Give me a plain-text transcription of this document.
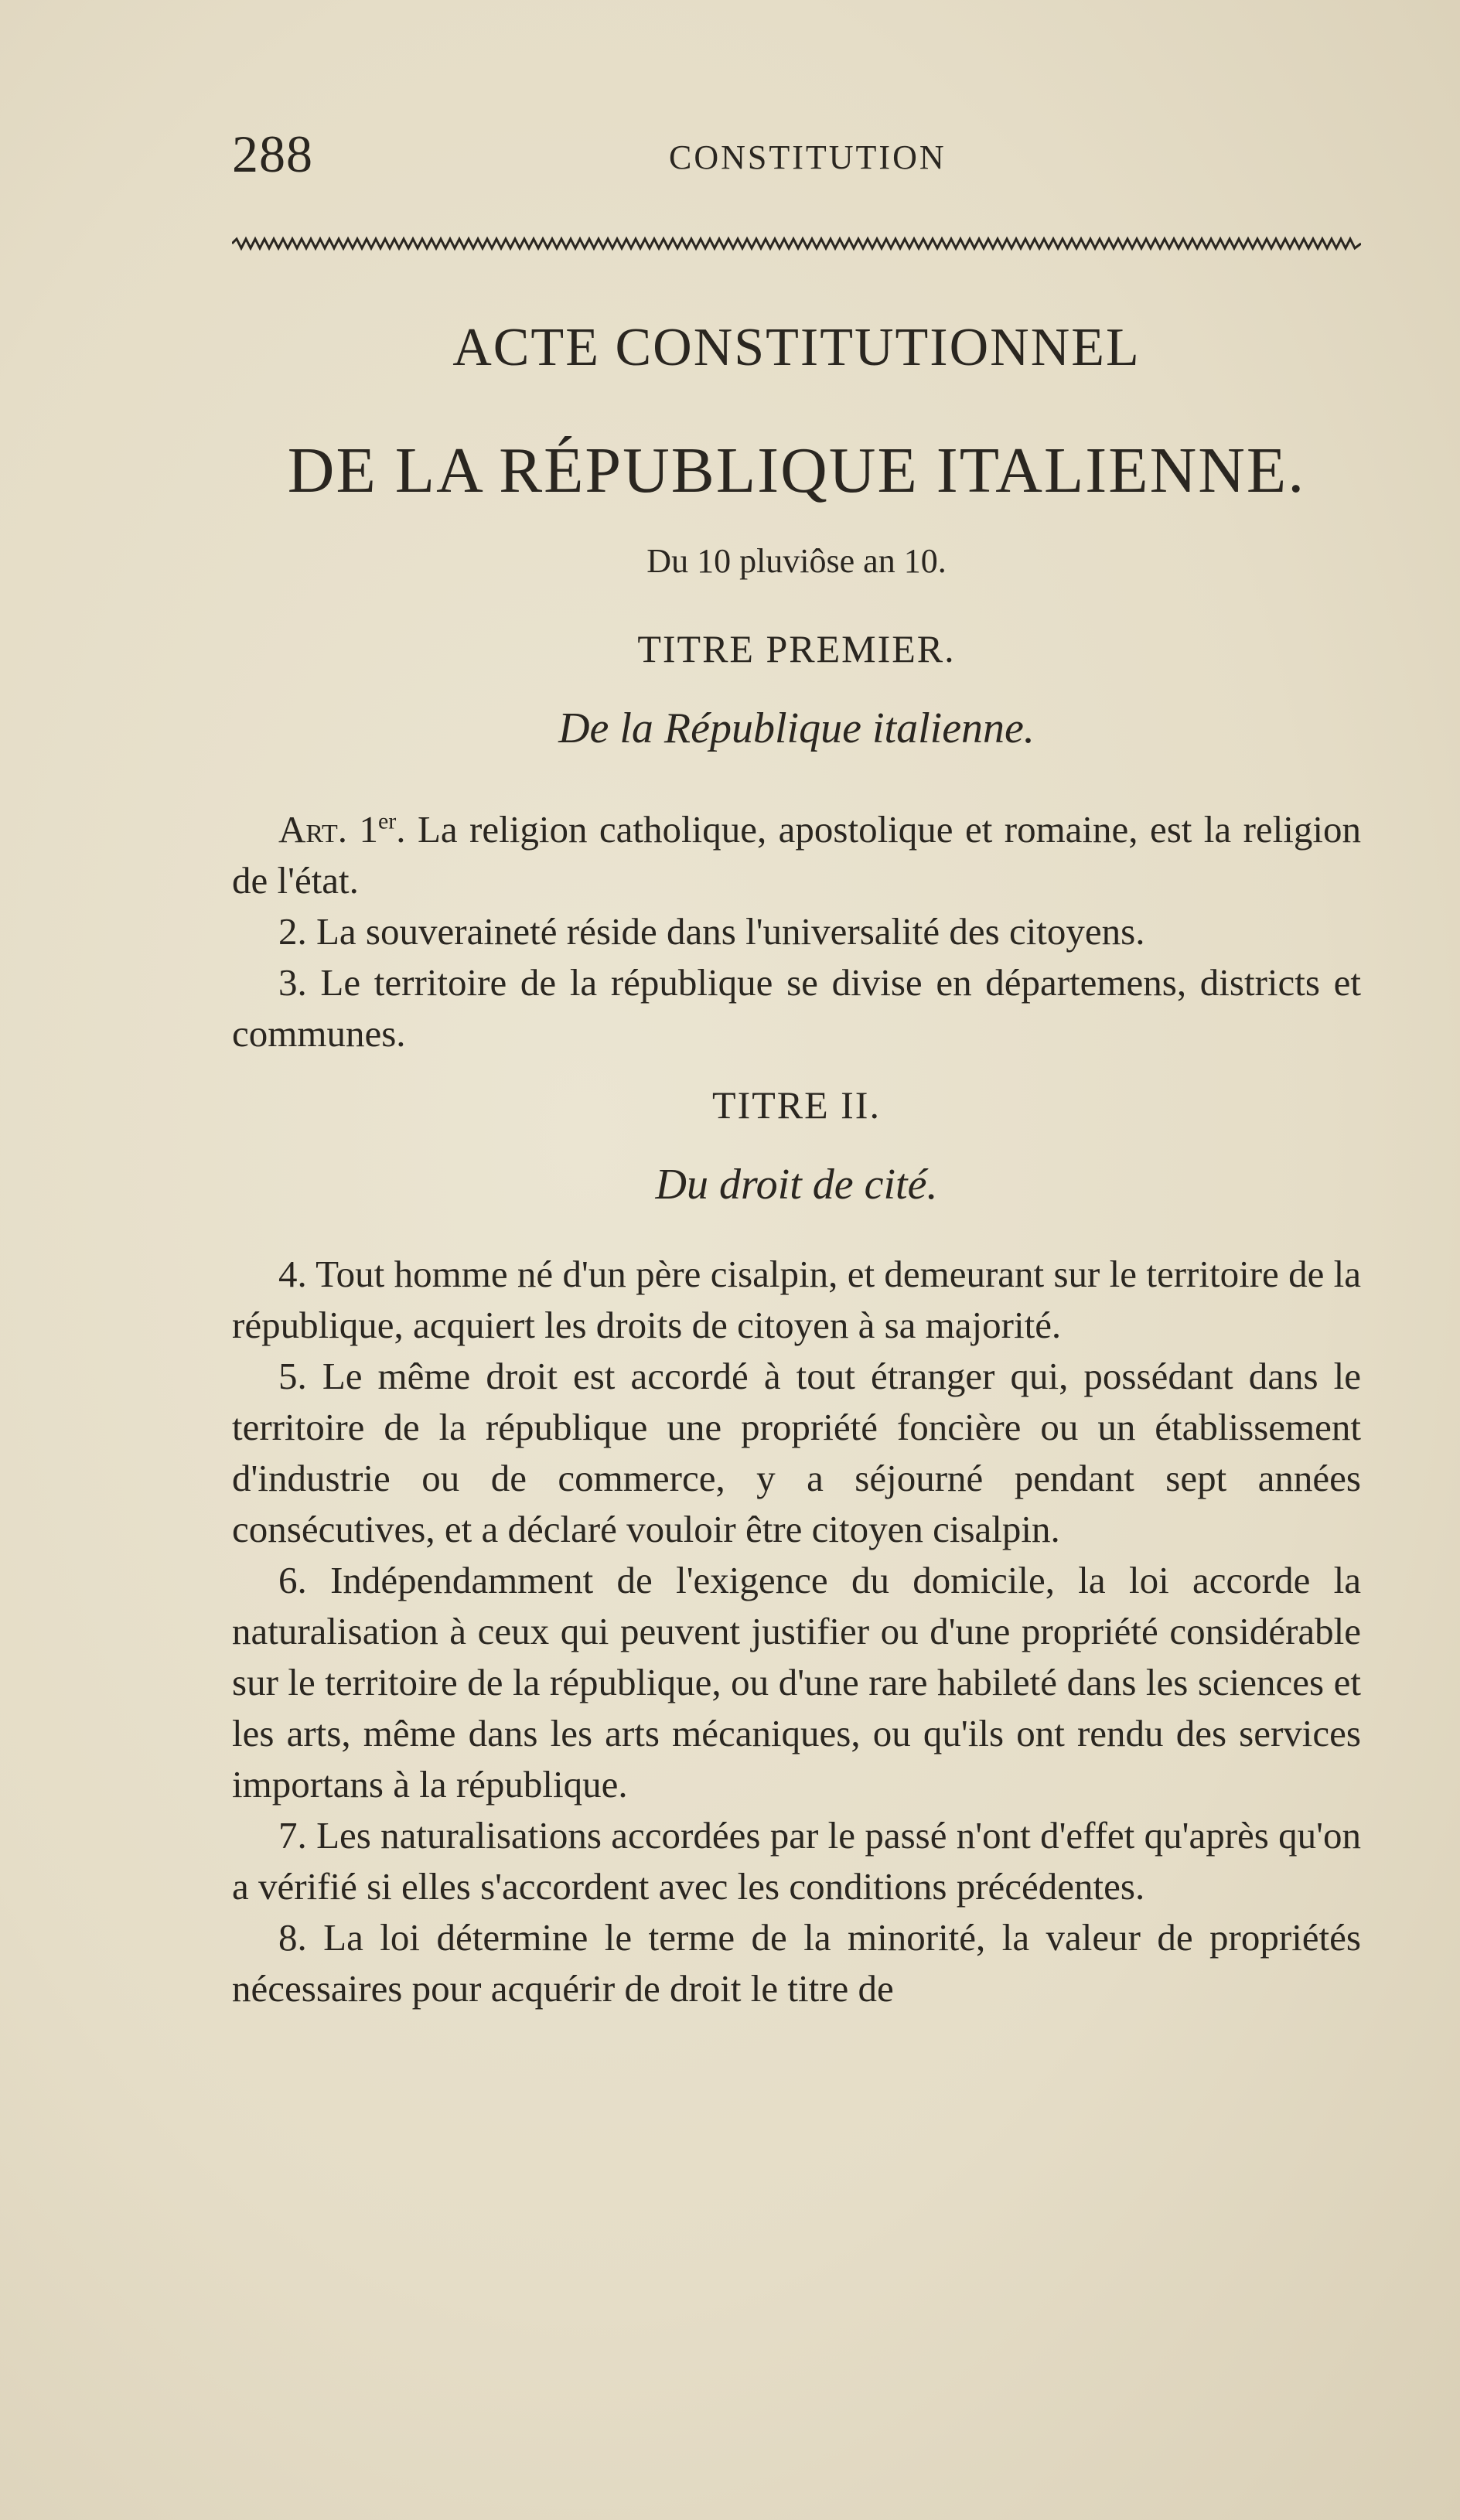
288	CONSTITUTION
ACTE CONSTITUTIONNEL
DE LA RÉPUBLIQUE ITALIENNE.
Du 10 pluviôse an 10.
TITRE PREMIER.
De la République italienne.

Art. 1er. La religion catholique, apostolique et romaine, est la religion de l'état.

2. La souveraineté réside dans l'universalité des citoyens.

3. Le territoire de la république se divise en départemens, districts et communes.

TITRE II.
Du droit de cité.

4. Tout homme né d'un père cisalpin, et demeurant sur le territoire de la république, acquiert les droits de citoyen à sa majorité.

5. Le même droit est accordé à tout étranger qui, possédant dans le territoire de la république une propriété foncière ou un établissement d'industrie ou de commerce, y a séjourné pendant sept années consécutives, et a déclaré vouloir être citoyen cisalpin.

6. Indépendamment de l'exigence du domicile, la loi accorde la naturalisation à ceux qui peuvent justifier ou d'une propriété considérable sur le territoire de la république, ou d'une rare habileté dans les sciences et les arts, même dans les arts mécaniques, ou qu'ils ont rendu des services importans à la république.

7. Les naturalisations accordées par le passé n'ont d'effet qu'après qu'on a vérifié si elles s'accordent avec les conditions précédentes.

8. La loi détermine le terme de la minorité, la valeur de propriétés nécessaires pour acquérir de droit le titre de
